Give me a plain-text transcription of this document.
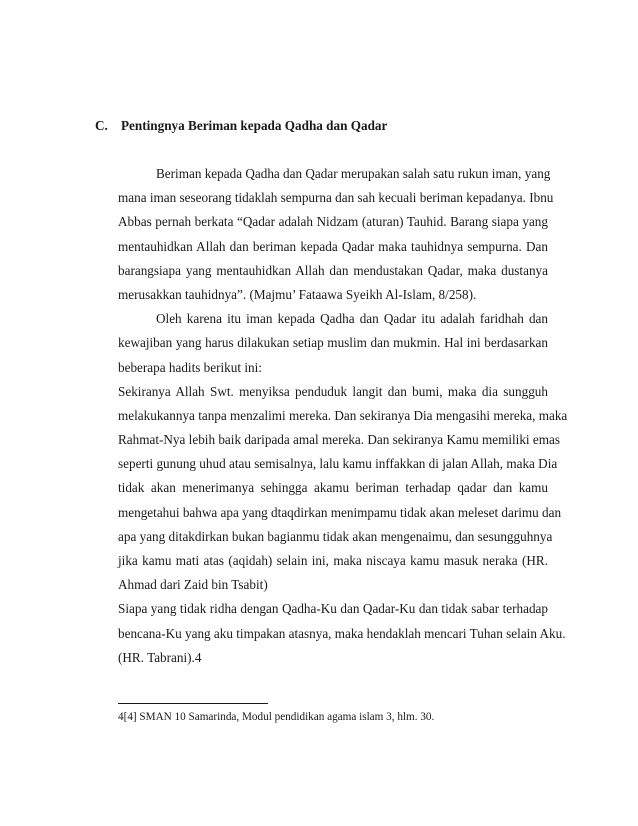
C. Pentingnya Beriman kepada Qadha dan Qadar
Beriman kepada Qadha dan Qadar merupakan salah satu rukun iman, yang
mana iman seseorang tidaklah sempurna dan sah kecuali beriman kepadanya. Ibnu
Abbas pernah berkata “Qadar adalah Nidzam (aturan) Tauhid. Barang siapa yang
mentauhidkan Allah dan beriman kepada Qadar maka tauhidnya sempurna. Dan
barangsiapa yang mentauhidkan Allah dan mendustakan Qadar, maka dustanya
merusakkan tauhidnya”. (Majmu’ Fataawa Syeikh Al-Islam, 8/258).
Oleh karena itu iman kepada Qadha dan Qadar itu adalah faridhah dan
kewajiban yang harus dilakukan setiap muslim dan mukmin. Hal ini berdasarkan
beberapa hadits berikut ini:
Sekiranya Allah Swt. menyiksa penduduk langit dan bumi, maka dia sungguh
melakukannya tanpa menzalimi mereka. Dan sekiranya Dia mengasihi mereka, maka
Rahmat-Nya lebih baik daripada amal mereka. Dan sekiranya Kamu memiliki emas
seperti gunung uhud atau semisalnya, lalu kamu inffakkan di jalan Allah, maka Dia
tidak akan menerimanya sehingga akamu beriman terhadap qadar dan kamu
mengetahui bahwa apa yang dtaqdirkan menimpamu tidak akan meleset darimu dan
apa yang ditakdirkan bukan bagianmu tidak akan mengenaimu, dan sesungguhnya
jika kamu mati atas (aqidah) selain ini, maka niscaya kamu masuk neraka (HR.
Ahmad dari Zaid bin Tsabit)
Siapa yang tidak ridha dengan Qadha-Ku dan Qadar-Ku dan tidak sabar terhadap
bencana-Ku yang aku timpakan atasnya, maka hendaklah mencari Tuhan selain Aku.
(HR. Tabrani).4
4[4] SMAN 10 Samarinda, Modul pendidikan agama islam 3, hlm. 30.
